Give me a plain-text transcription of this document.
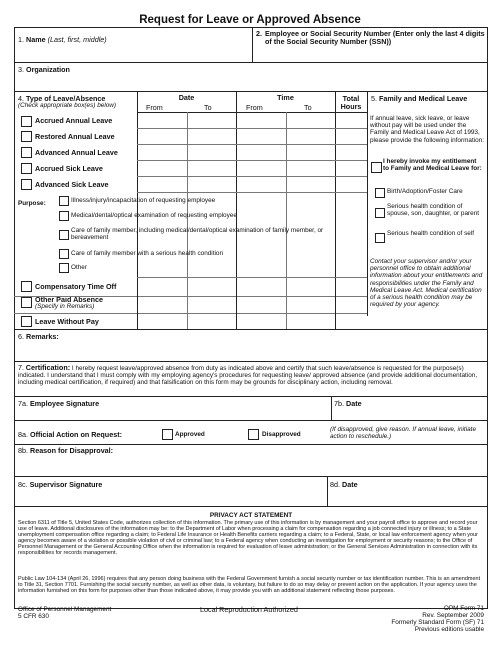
Request for Leave or Approved Absence
1. Name (Last, first, middle)
2. Employee or Social Security Number (Enter only the last 4 digits of the Social Security Number (SSN))
3. Organization
4. Type of Leave/Absence
(Check appropriate box(es) below)
Date	Time
From	To	From	To
Total
Hours
Accrued Annual Leave
Restored Annual Leave
Advanced Annual Leave
Accrued Sick Leave
Advanced Sick Leave
Purpose:	Illness/injury/incapacitation of requesting employee
Medical/dental/optical examination of requesting employee
Care of family member, including medical/dental/optical examination of family member, or bereavement
Care of family member with a serious health condition
Other
Compensatory Time Off
Other Paid Absence
(Specify in Remarks)
Leave Without Pay
5. Family and Medical Leave
If annual leave, sick leave, or leave without pay will be used under the Family and Medical Leave Act of 1993, please provide the following information:
I hereby invoke my entitlement to Family and Medical Leave for:
Birth/Adoption/Foster Care
Serious health condition of spouse, son, daughter, or parent
Serious health condition of self
Contact your supervisor and/or your personnel office to obtain additional information about your entitlements and responsibilities under the Family and Medical Leave Act. Medical certification of a serious health condition may be required by your agency.
6. Remarks:
7. Certification: I hereby request leave/approved absence from duty as indicated above and certify that such leave/absence is requested for the purpose(s) indicated. I understand that I must comply with my employing agency's procedures for requesting leave/ approved absence (and provide additional documentation, including medical certification, if required) and that falsification on this form may be grounds for disciplinary action, including removal.
7a. Employee Signature	7b. Date
8a. Official Action on Request:	Approved	Disapproved
(If disapproved, give reason. If annual leave, initiate action to reschedule.)
8b. Reason for Disapproval:
8c. Supervisor Signature	8d. Date
PRIVACY ACT STATEMENT
Section 6311 of Title 5, United States Code, authorizes collection of this information. The primary use of this information is by management and your payroll office to approve and record your use of leave. Additional disclosures of the information may be: to the Department of Labor when processing a claim for compensation regarding a job connected injury or illness; to a State unemployment compensation office regarding a claim; to Federal Life Insurance or Health Benefits carriers regarding a claim; to a Federal, State, or local law enforcement agency when your agency becomes aware of a violation or possible violation of civil or criminal law; to a Federal agency when conducting an investigation for employment or security reasons; to the Office of Personnel Management or the General Accounting Office when the information is required for evaluation of leave administration; or the General Services Administration in connection with its responsibilities for records management.
Public Law 104-134 (April 26, 1996) requires that any person doing business with the Federal Government furnish a social security number or tax identification number. This is an amendment to Title 31, Section 7701. Furnishing the social security number, as well as other data, is voluntary, but failure to do so may delay or prevent action on the application. If your agency uses the information furnished on this form for purposes other than those indicated above, it may provide you with an additional statement reflecting those purposes.
Office of Personnel Management
5 CFR 630
Local Reproduction Authorized	OPM Form 71
Rev. September 2009
Formerly Standard Form (SF) 71
Previous editions usable
